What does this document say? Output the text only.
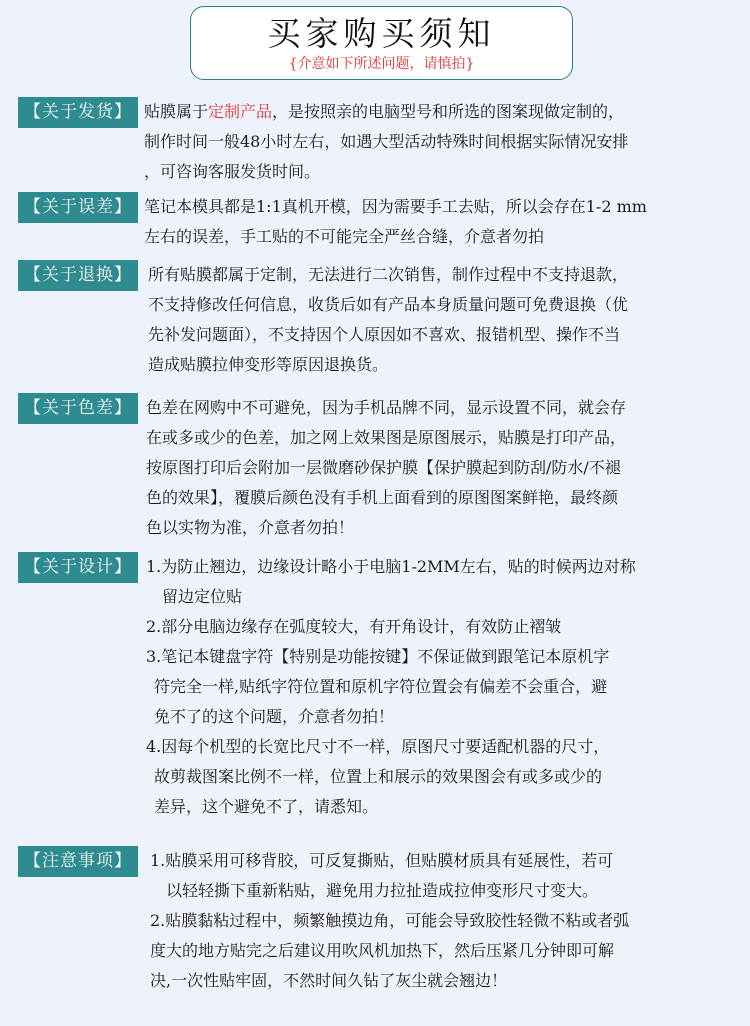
买家购买须知
{介意如下所述问题，请慎拍}
【关于发货】 贴膜属于定制产品，是按照亲的电脑型号和所选的图案现做定制的，
制作时间一般48小时左右，如遇大型活动特殊时间根据实际情况安排
，可咨询客服发货时间。
【关于误差】 笔记本模具都是1:1真机开模，因为需要手工去贴，所以会存在1-2 mm
左右的误差，手工贴的不可能完全严丝合缝，介意者勿拍
【关于退换】	所有贴膜都属于定制，无法进行二次销售，制作过程中不支持退款，
不支持修改任何信息，收货后如有产品本身质量问题可免费退换（优
先补发问题面），不支持因个人原因如不喜欢、报错机型、操作不当
造成贴膜拉伸变形等原因退换货。
【关于色差】 色差在网购中不可避免，因为手机品牌不同，显示设置不同，就会存
在或多或少的色差，加之网上效果图是原图展示，贴膜是打印产品，
按原图打印后会附加一层微磨砂保护膜【保护膜起到防刮/防水/不褪
色的效果】，覆膜后颜色没有手机上面看到的原图图案鲜艳，最终颜
色以实物为准，介意者勿拍！
【关于设计】 1.为防止翘边，边缘设计略小于电脑1-2MM左右，贴的时候两边对称
留边定位贴
2.部分电脑边缘存在弧度较大，有开角设计，有效防止褶皱
3.笔记本键盘字符【特别是功能按键】不保证做到跟笔记本原机字
符完全一样,贴纸字符位置和原机字符位置会有偏差不会重合，避
免不了的这个问题，介意者勿拍！
4.因每个机型的长宽比尺寸不一样，原图尺寸要适配机器的尺寸，
故剪裁图案比例不一样，位置上和展示的效果图会有或多或少的
差异，这个避免不了，请悉知。
【注意事项】	1.贴膜采用可移背胶，可反复撕贴，但贴膜材质具有延展性，若可
以轻轻撕下重新粘贴，避免用力拉扯造成拉伸变形尺寸变大。
2.贴膜黏粘过程中，频繁触摸边角，可能会导致胶性轻微不粘或者弧
度大的地方贴完之后建议用吹风机加热下，然后压紧几分钟即可解
决,一次性贴牢固，不然时间久钻了灰尘就会翘边！
